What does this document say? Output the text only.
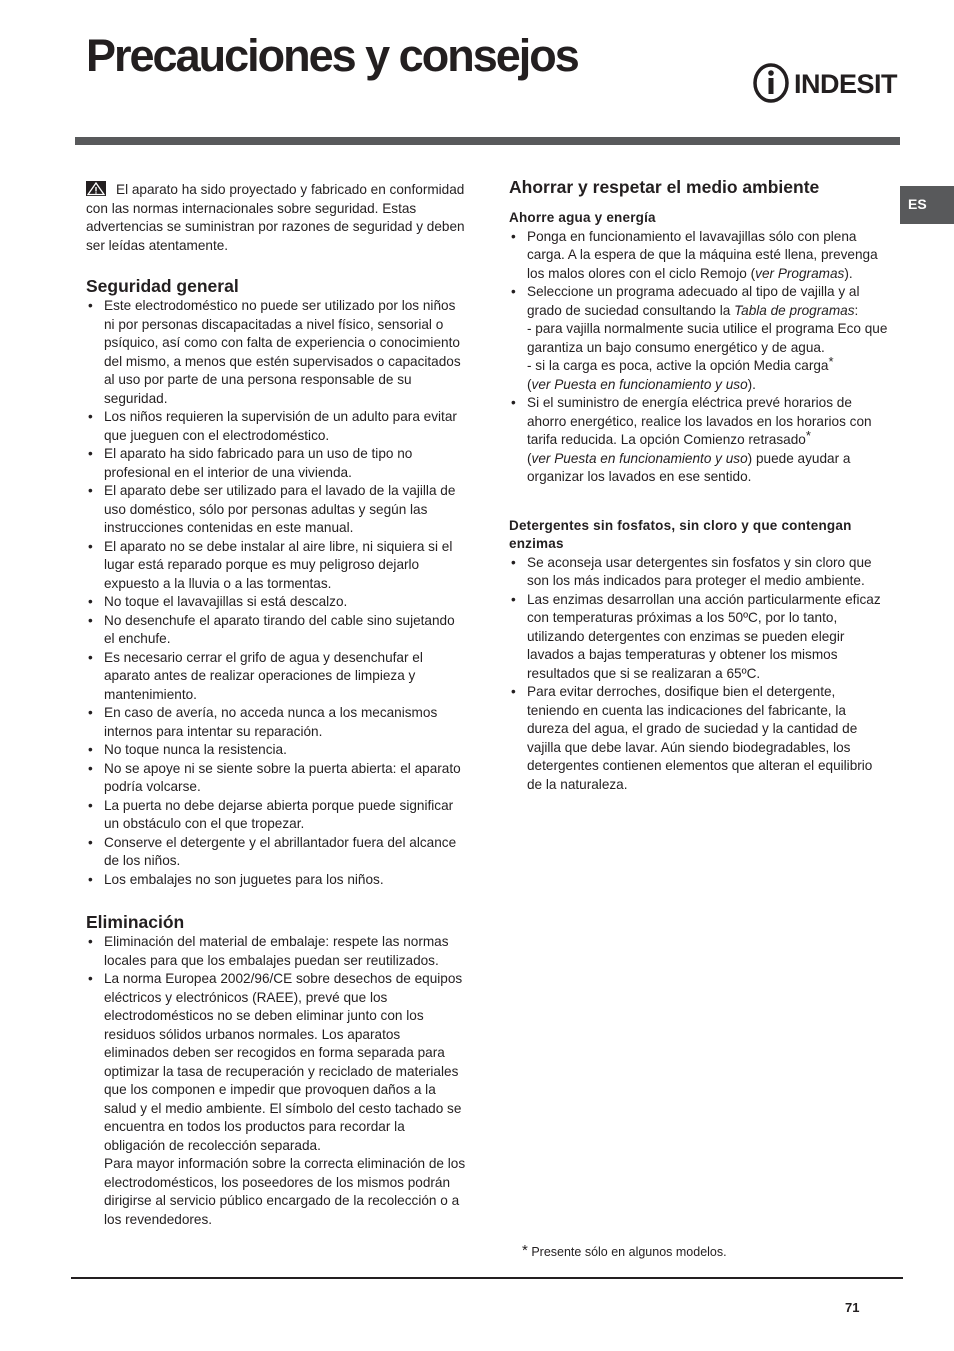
Precauciones y consejos
INDESIT
ES

El aparato ha sido proyectado y fabricado en conformidad con las normas internacionales sobre seguridad. Estas advertencias se suministran por razones de seguridad y deben ser leídas atentamente.

Seguridad general
• Este electrodoméstico no puede ser utilizado por los niños ni por personas discapacitadas a nivel físico, sensorial o psíquico, así como con falta de experiencia o conocimiento del mismo, a menos que estén supervisados o capacitados al uso por parte de una persona responsable de su seguridad.
• Los niños requieren la supervisión de un adulto para evitar que jueguen con el electrodoméstico.
• El aparato ha sido fabricado para un uso de tipo no profesional en el interior de una vivienda.
• El aparato debe ser utilizado para el lavado de la vajilla de uso doméstico, sólo por personas adultas y según las instrucciones contenidas en este manual.
• El aparato no se debe instalar al aire libre, ni siquiera si el lugar está reparado porque es muy peligroso dejarlo expuesto a la lluvia o a las tormentas.
• No toque el lavavajillas si está descalzo.
• No desenchufe el aparato tirando del cable sino sujetando el enchufe.
• Es necesario cerrar el grifo de agua y desenchufar el aparato antes de realizar operaciones de limpieza y mantenimiento.
• En caso de avería, no acceda nunca a los mecanismos internos para intentar su reparación.
• No toque nunca la resistencia.
• No se apoye ni se siente sobre la puerta abierta: el aparato podría volcarse.
• La puerta no debe dejarse abierta porque puede significar un obstáculo con el que tropezar.
• Conserve el detergente y el abrillantador fuera del alcance de los niños.
• Los embalajes no son juguetes para los niños.
Eliminación
• Eliminación del material de embalaje: respete las normas locales para que los embalajes puedan ser reutilizados.
• La norma Europea 2002/96/CE sobre desechos de equipos eléctricos y electrónicos (RAEE), prevé que los electrodomésticos no se deben eliminar junto con los residuos sólidos urbanos normales. Los aparatos eliminados deben ser recogidos en forma separada para optimizar la tasa de recuperación y reciclado de materiales que los componen e impedir que provoquen daños a la salud y el medio ambiente. El símbolo del cesto tachado se encuentra en todos los productos para recordar la obligación de recolección separada.
Para mayor información sobre la correcta eliminación de los electrodomésticos, los poseedores de los mismos podrán dirigirse al servicio público encargado de la recolección o a los revendedores.
Ahorrar y respetar el medio ambiente
Ahorre agua y energía
• Ponga en funcionamiento el lavavajillas sólo con plena carga. A la espera de que la máquina esté llena, prevenga los malos olores con el ciclo Remojo (ver Programas).
• Seleccione un programa adecuado al tipo de vajilla y al grado de suciedad consultando la Tabla de programas:
- para vajilla normalmente sucia utilice el programa Eco que garantiza un bajo consumo energético y de agua.
- si la carga es poca, active la opción Media carga*
(ver Puesta en funcionamiento y uso).
• Si el suministro de energía eléctrica prevé horarios de ahorro energético, realice los lavados en los horarios con tarifa reducida. La opción Comienzo retrasado*
(ver Puesta en funcionamiento y uso) puede ayudar a organizar los lavados en ese sentido.
Detergentes sin fosfatos, sin cloro y que contengan enzimas
• Se aconseja usar detergentes sin fosfatos y sin cloro que son los más indicados para proteger el medio ambiente.
• Las enzimas desarrollan una acción particularmente eficaz con temperaturas próximas a los 50ºC, por lo tanto, utilizando detergentes con enzimas se pueden elegir lavados a bajas temperaturas y obtener los mismos resultados que si se realizaran a 65ºC.
• Para evitar derroches, dosifique bien el detergente, teniendo en cuenta las indicaciones del fabricante, la dureza del agua, el grado de suciedad y la cantidad de vajilla que debe lavar. Aún siendo biodegradables, los detergentes contienen elementos que alteran el equilibrio de la naturaleza.
* Presente sólo en algunos modelos.
71
